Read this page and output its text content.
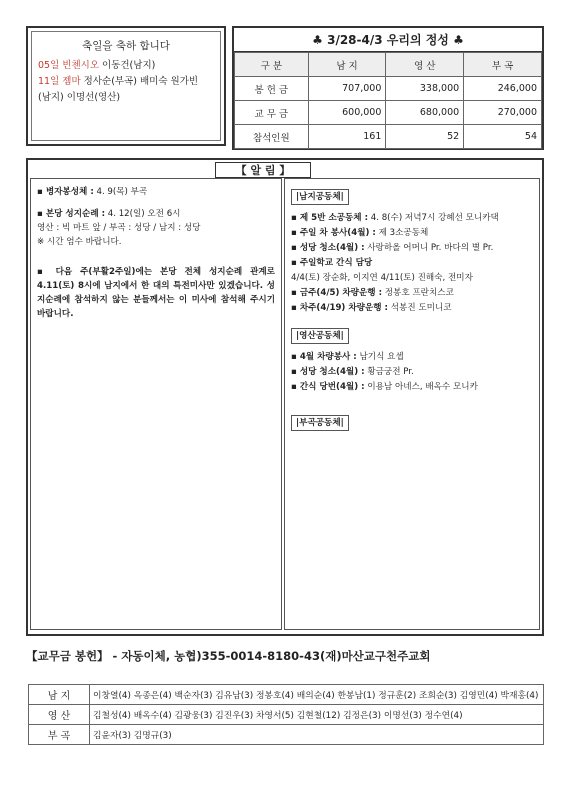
축일을 축하 합니다
05일 빈첸시오 이동건(남지)
11일 젬마 정사순(부곡) 배미숙 원가빈
(남지) 이명선(영산)
♣ 3/28-4/3 우리의 정성 ♣
구 분	남 지	영 산	부 곡
봉 헌 금	707,000	338,000	246,000
교 무 금	600,000	680,000	270,000
참석인원	161	52	54

▪ 병자봉성체 : 4. 9(목) 부곡

▪ 본당 성지순례 : 4. 12(일) 오전 6시

영산 : 빅 마트 앞 / 부곡 : 성당 / 남지 : 성당

※ 시간 엄수 바랍니다.

▪ 다음 주(부활2주일)에는 본당 전체 성지순례 관계로 4.11(토) 8시에 남지에서 한 대의 특전미사만 있겠습니다. 성지순례에 참석하지 않는 분들께서는 이 미사에 참석해 주시기 바랍니다.

|남지공동체|

▪ 제 5반 소공동체 : 4. 8(수) 저녁7시 강혜선 모니카댁

▪ 주일 차 봉사(4월) : 제 3소공동체

▪ 성당 청소(4월) : 사랑하올 어머니 Pr. 바다의 별 Pr.

▪ 주일학교 간식 담당

4/4(토) 장순화, 이지연 4/11(토) 진해숙, 전미자

▪ 금주(4/5) 차량운행 : 정봉호 프란치스코

▪ 차주(4/19) 차량운행 : 석봉진 도미니코

|영산공동체|

▪ 4월 차량봉사 : 남기식 요셉

▪ 성당 청소(4월) : 황금궁전 Pr.

▪ 간식 당번(4월) : 이용남 아네스, 배옥수 모니카

|부곡공동체|
【 알 림 】
【교무금 봉헌】 - 자동이체, 농협)355-0014-8180-43(재)마산교구천주교회
남 지	이창열(4) 옥종은(4) 백순자(3) 김유남(3) 정봉호(4) 배의순(4) 한봉남(1) 정규훈(2) 조희순(3) 김영민(4) 박재홍(4)
영 산	김철성(4) 배옥수(4) 김광웅(3) 김진우(3) 차영서(5) 김현철(12) 김정은(3) 이명선(3) 정수연(4)
부 곡	김윤자(3) 김명규(3)
